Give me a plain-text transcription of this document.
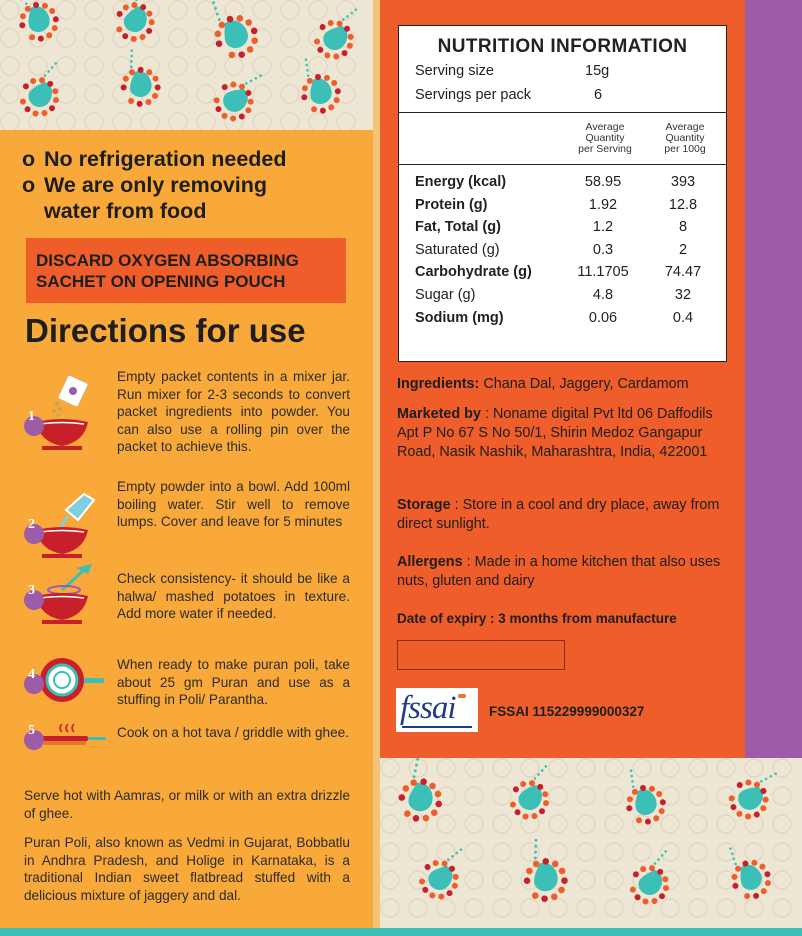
o No refrigeration needed
o We are only removing water from food
DISCARD OXYGEN ABSORBING
SACHET ON OPENING POUCH
Directions for use
1
Empty packet contents in a mixer jar. Run mixer for 2-3 seconds to convert packet ingredients into powder. You can also use a rolling pin over the packet to achieve this.
2
Empty powder into a bowl. Add 100ml boiling water. Stir well to remove lumps. Cover and leave for 5 minutes
3
Check consistency- it should be like a halwa/ mashed potatoes in texture. Add more water if needed.
4
When ready to make puran poli, take about 25 gm Puran and use as a stuffing in Poli/ Parantha.
5	Cook on a hot tava / griddle with ghee.
Serve hot with Aamras, or milk or with an extra drizzle of ghee.
Puran Poli, also known as Vedmi in Gujarat, Bobbatlu in Andhra Pradesh, and Holige in Karnataka, is a traditional Indian sweet flatbread stuffed with a delicious mixture of jaggery and dal.
NUTRITION INFORMATION
Serving size	15g
Servings per pack	6
Average
Quantity
per Serving
Average
Quantity
per 100g
Energy (kcal)	58.95	393
Protein (g)	1.92	12.8
Fat, Total (g)	1.2	8
Saturated (g)	0.3	2
Carbohydrate (g)	11.1705	74.47
Sugar (g)	4.8	32
Sodium (mg)	0.06	0.4
Ingredients: Chana Dal, Jaggery, Cardamom
Marketed by : Noname digital Pvt ltd 06 Daffodils Apt P No 67 S No 50/1, Shirin Medoz Gangapur Road, Nasik Nashik, Maharashtra, India, 422001
Storage : Store in a cool and dry place, away from direct sunlight.
Allergens : Made in a home kitchen that also uses nuts, gluten and dairy
Date of expiry : 3 months from manufacture
fssai FSSAI 115229999000327
